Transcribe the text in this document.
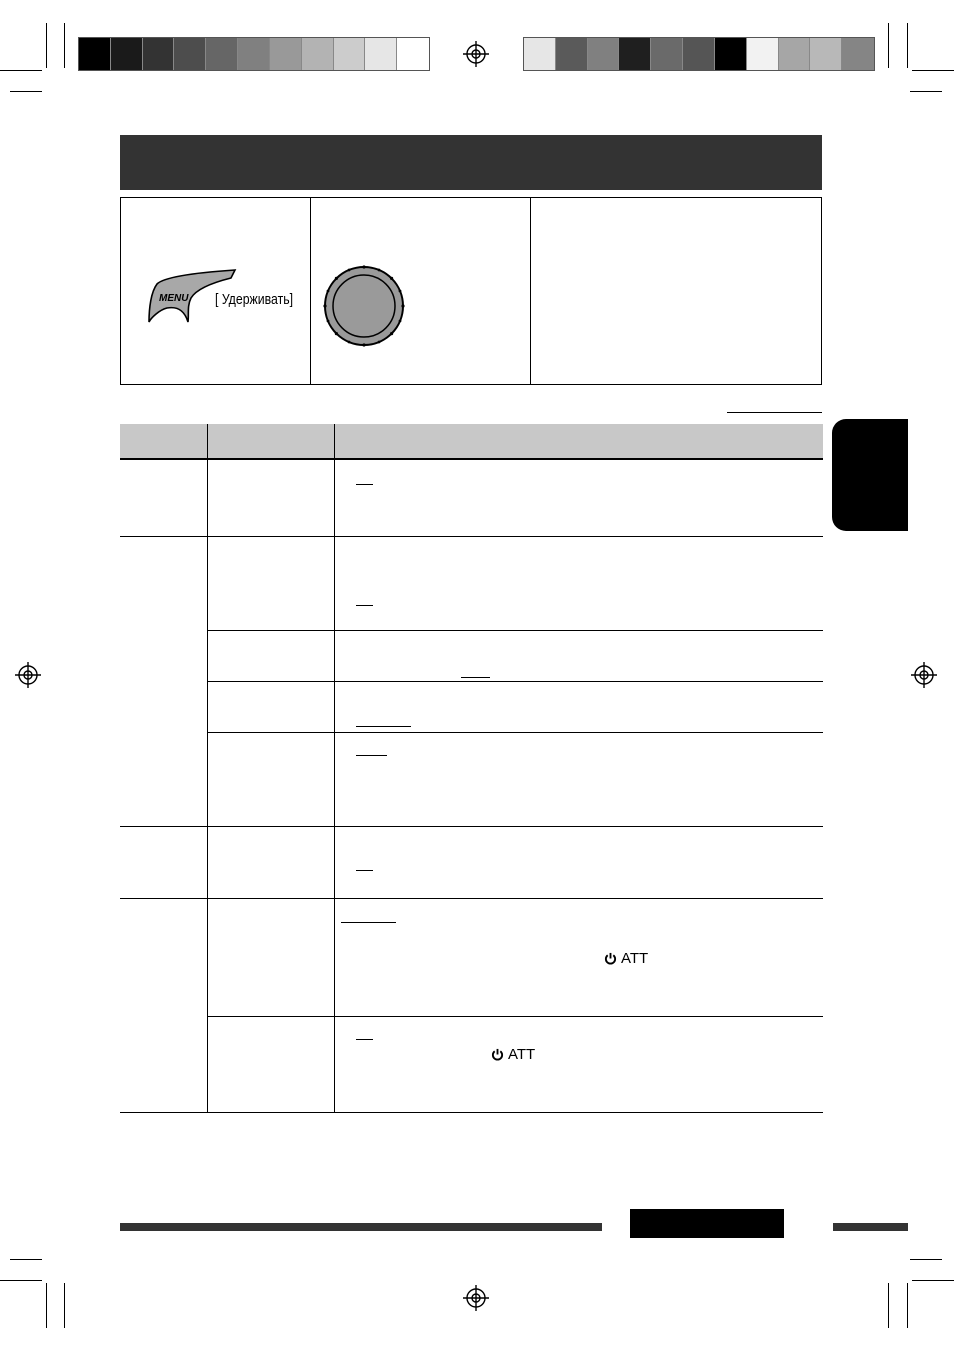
MENU [ Удерживать]
ATT
ATT
